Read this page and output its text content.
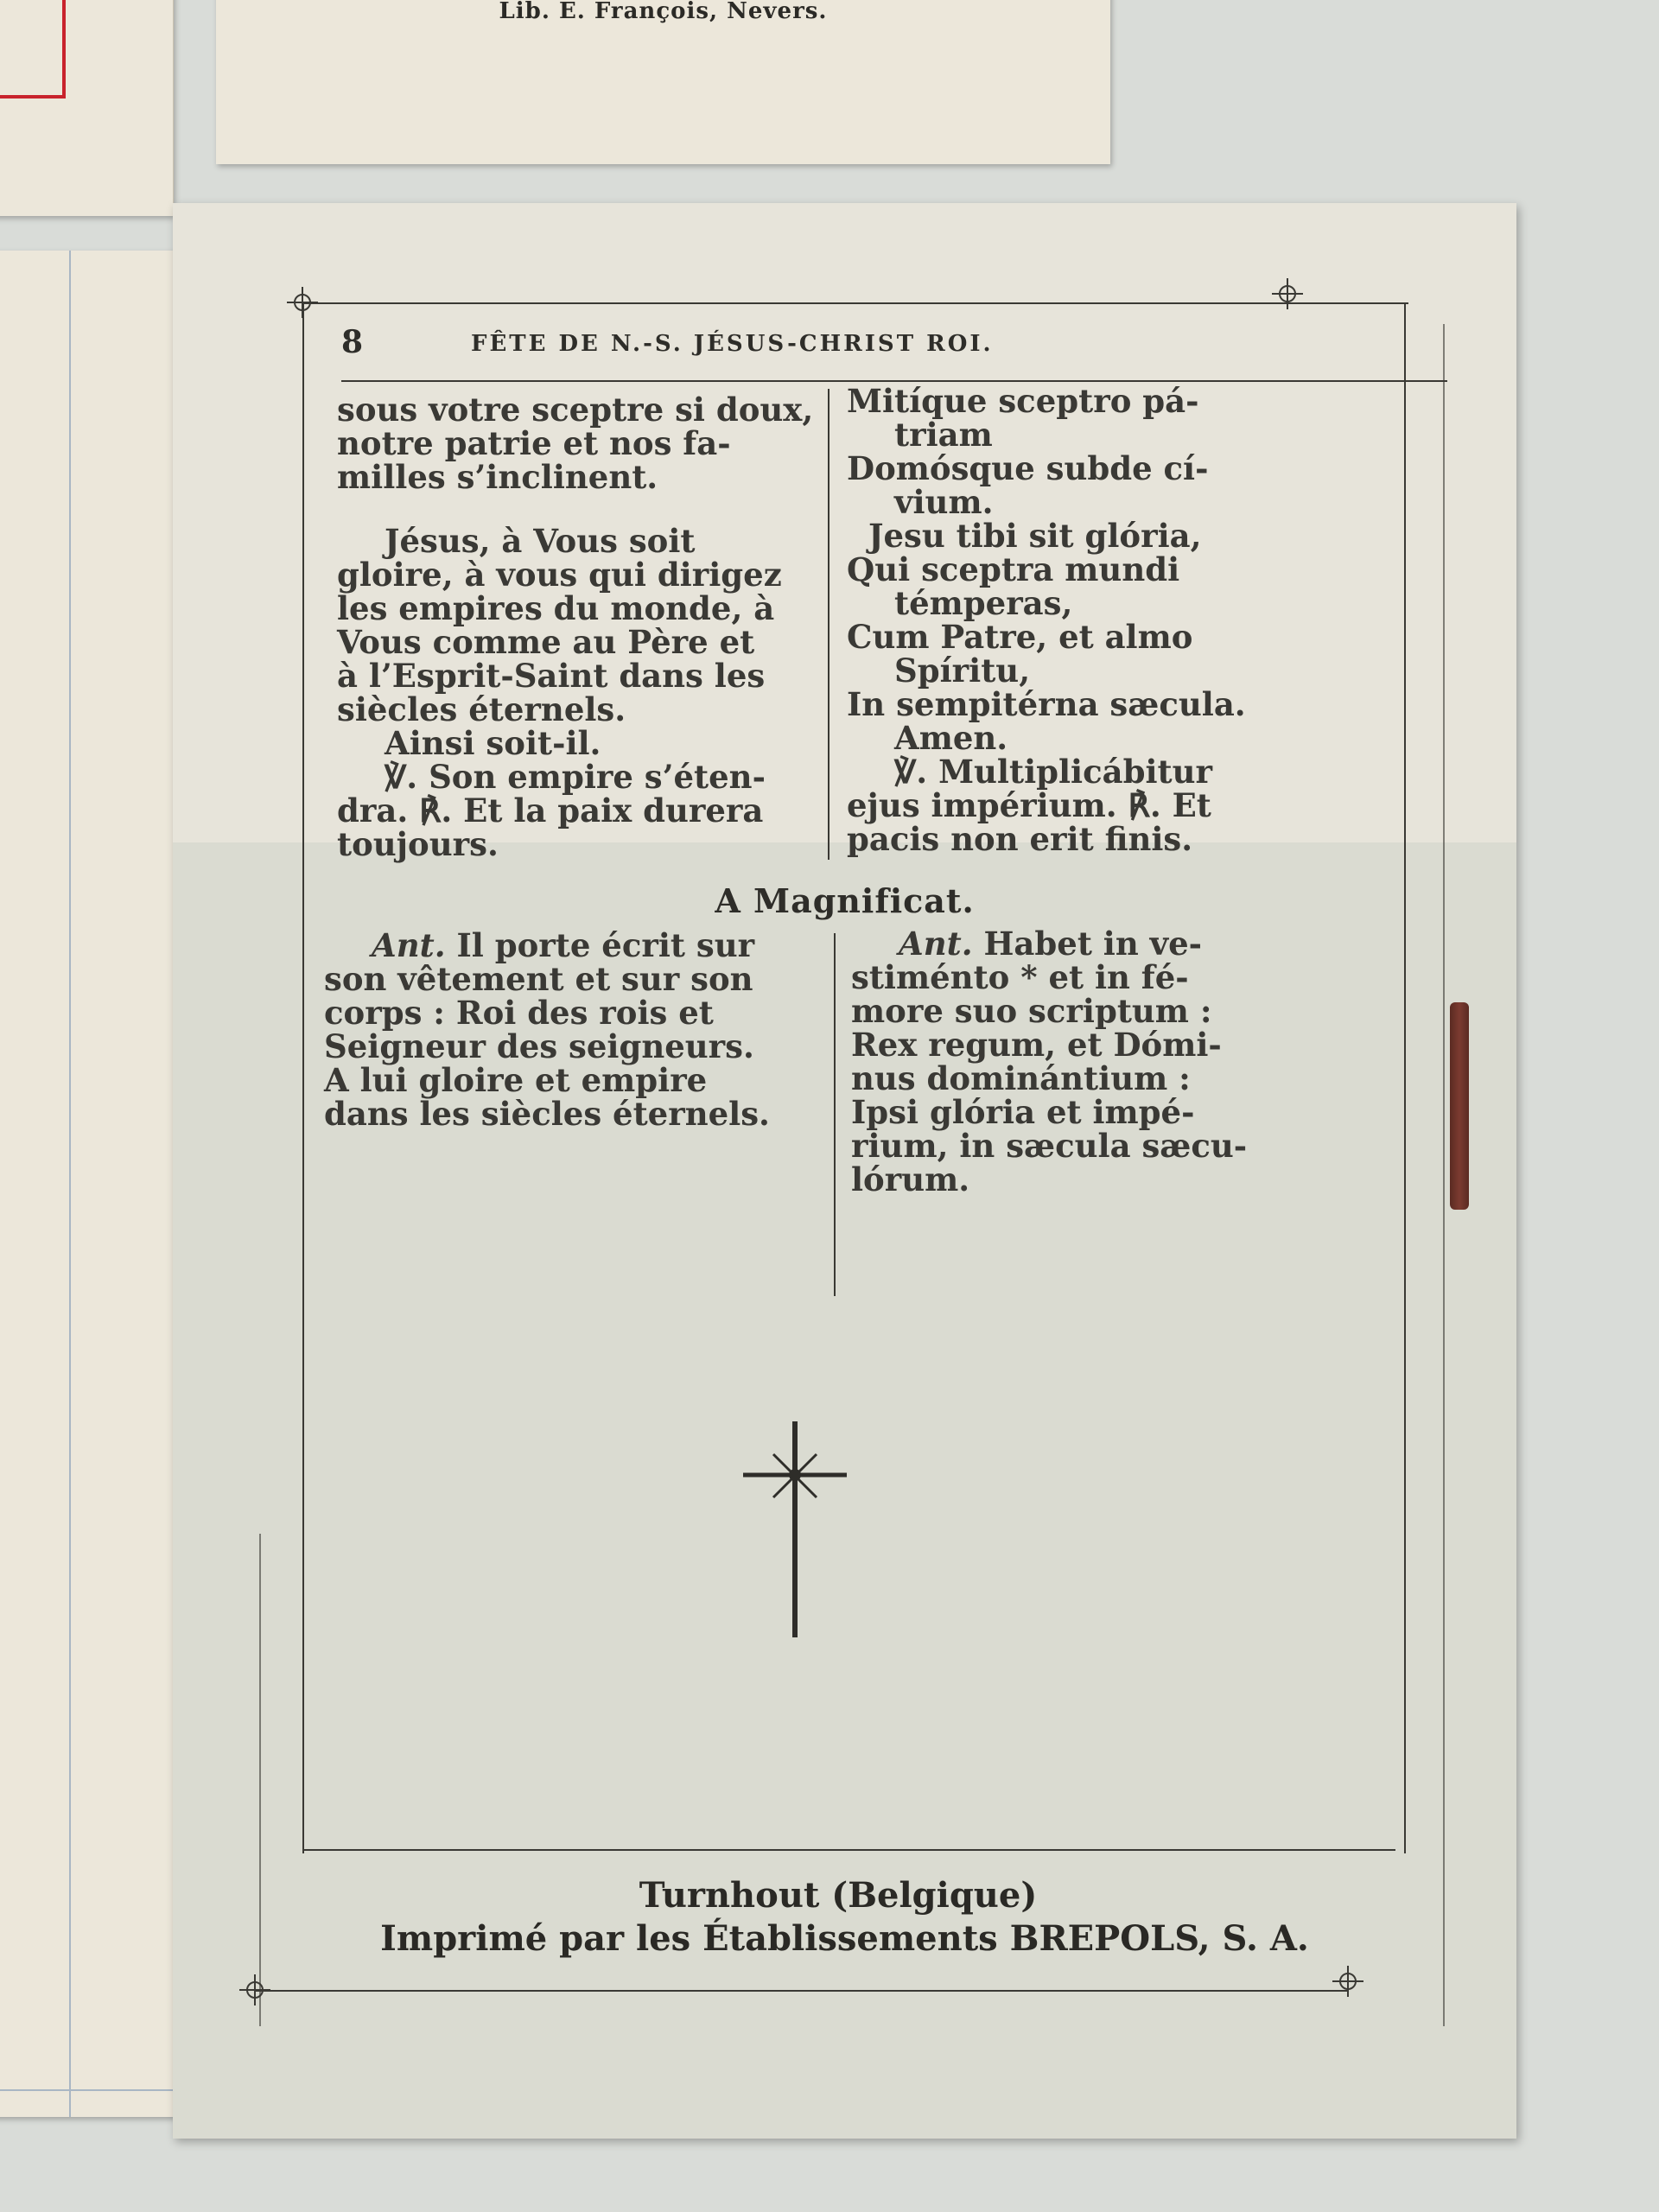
Lib. E. François, Nevers.
8	FÊTE DE N.-S. JÉSUS-CHRIST ROI.

sous votre sceptre si doux,

notre patrie et nos fa-

milles s’inclinent.

Jésus, à Vous soit

gloire, à vous qui dirigez

les empires du monde, à

Vous comme au Père et

à l’Esprit-Saint dans les

siècles éternels.

Ainsi soit-il.

℣. Son empire s’éten-

dra. ℟. Et la paix durera

toujours.

Mitíque sceptro pá-

triam

Domósque subde cí-

vium.

Jesu tibi sit glória,

Qui sceptra mundi

témperas,

Cum Patre, et almo

Spíritu,

In sempitérna sæcula.

Amen.

℣. Multiplicábitur

ejus impérium. ℟. Et

pacis non erit finis.

A Magnificat.

Ant. Il porte écrit sur

son vêtement et sur son

corps : Roi des rois et

Seigneur des seigneurs.

A lui gloire et empire

dans les siècles éternels.

Ant. Habet in ve-

stiménto * et in fé-

more suo scriptum :

Rex regum, et Dómi-

nus dominántium :

Ipsi glória et impé-

rium, in sæcula sæcu-

lórum.

Turnhout (Belgique)
Imprimé par les Établissements BREPOLS, S. A.
